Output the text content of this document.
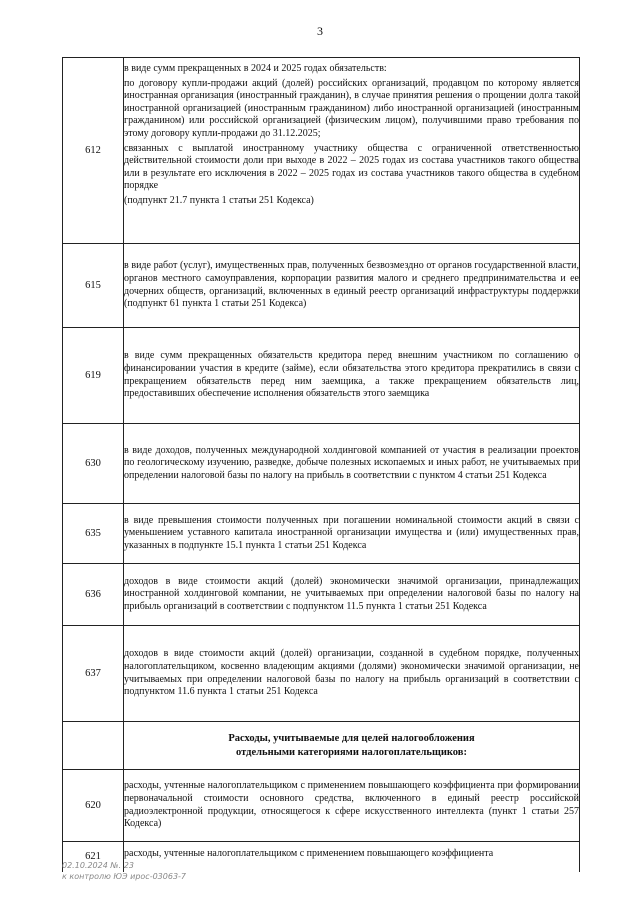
3
612	в виде сумм прекращенных в 2024 и 2025 годах обязательств:

по договору купли-продажи акций (долей) российских организаций, продавцом по которому является иностранная организация (иностранный гражданин), в случае принятия решения о прощении долга такой иностранной организацией (иностранным гражданином) либо иностранной организацией (иностранным гражданином) или российской организацией (физическим лицом), получившими право требования по этому договору купли-продажи до 31.12.2025;

связанных с выплатой иностранному участнику общества с ограниченной ответственностью действительной стоимости доли при выходе в 2022 – 2025 годах из состава участников такого общества или в результате его исключения в 2022 – 2025 годах из состава участников такого общества в судебном порядке

(подпункт 21.7 пункта 1 статьи 251 Кодекса)

615	в виде работ (услуг), имущественных прав, полученных безвозмездно от органов государственной власти, органов местного самоуправления, корпорации развития малого и среднего предпринимательства и ее дочерних обществ, организаций, включенных в единый реестр организаций инфраструктуры поддержки (подпункт 61 пункта 1 статьи 251 Кодекса)

619	в виде сумм прекращенных обязательств кредитора перед внешним участником по соглашению о финансировании участия в кредите (займе), если обязательства этого кредитора прекратились в связи с прекращением обязательств перед ним заемщика, а также прекращением обязательств лиц, предоставивших обеспечение исполнения обязательств этого заемщика

630	в виде доходов, полученных международной холдинговой компанией от участия в реализации проектов по геологическому изучению, разведке, добыче полезных ископаемых и иных работ, не учитываемых при определении налоговой базы по налогу на прибыль в соответствии с пунктом 4 статьи 251 Кодекса

635	в виде превышения стоимости полученных при погашении номинальной стоимости акций в связи с уменьшением уставного капитала иностранной организации имущества и (или) имущественных прав, указанных в подпункте 15.1 пункта 1 статьи 251 Кодекса

636	доходов в виде стоимости акций (долей) экономически значимой организации, принадлежащих иностранной холдинговой компании, не учитываемых при определении налоговой базы по налогу на прибыль организаций в соответствии с подпунктом 11.5 пункта 1 статьи 251 Кодекса

637	доходов в виде стоимости акций (долей) организации, созданной в судебном порядке, полученных налогоплательщиком, косвенно владеющим акциями (долями) экономически значимой организации, не учитываемых при определении налоговой базы по налогу на прибыль организаций в соответствии с подпунктом 11.6 пункта 1 статьи 251 Кодекса

	Расходы, учитываемые для целей налогообложения
отдельными категориями налогоплательщиков:

620	расходы, учтенные налогоплательщиком с применением повышающего коэффициента при формировании первоначальной стоимости основного средства, включенного в единый реестр российской радиоэлектронной продукции, относящегося к сфере искусственного интеллекта (пункт 1 статьи 257 Кодекса)

621	расходы, учтенные налогоплательщиком с применением повышающего коэффициента

02.10.2024 №. 23
к контролю ЮЭ ирос-03063-7
